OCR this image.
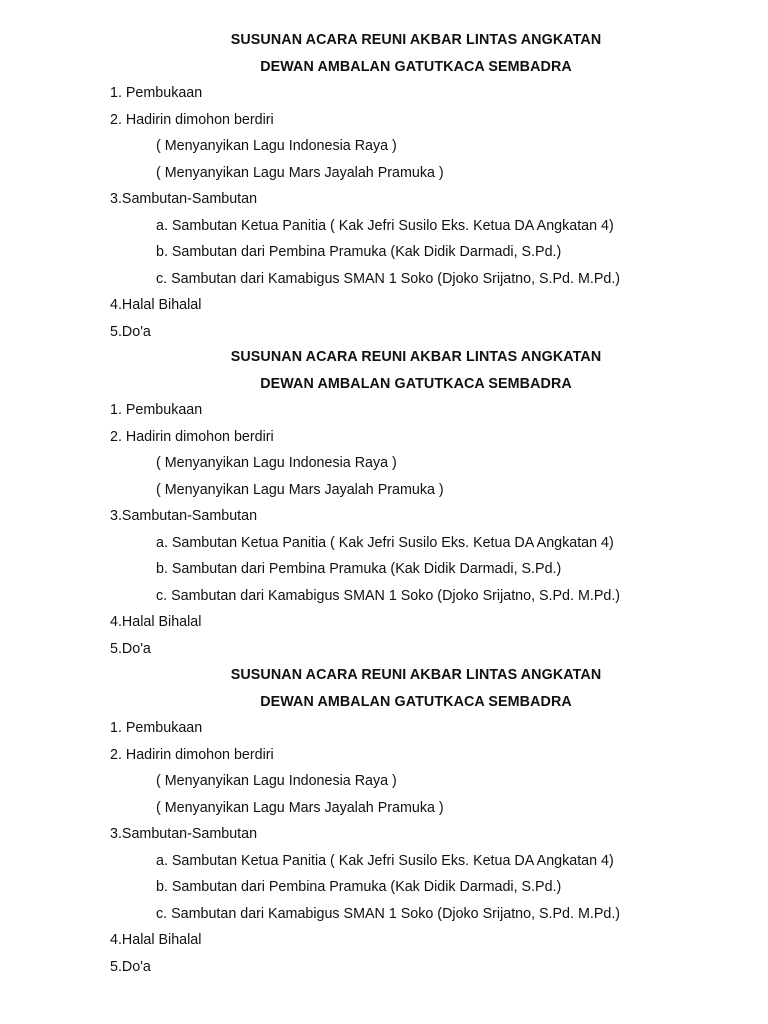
SUSUNAN ACARA REUNI AKBAR LINTAS ANGKATAN
DEWAN AMBALAN GATUTKACA SEMBADRA
1. Pembukaan
2. Hadirin dimohon berdiri
( Menyanyikan Lagu Indonesia Raya )
( Menyanyikan Lagu Mars Jayalah Pramuka )
3.Sambutan-Sambutan
a. Sambutan Ketua Panitia ( Kak Jefri Susilo Eks. Ketua DA Angkatan 4)
b. Sambutan dari Pembina Pramuka (Kak Didik Darmadi, S.Pd.)
c. Sambutan dari Kamabigus SMAN 1 Soko (Djoko Srijatno, S.Pd. M.Pd.)
4.Halal Bihalal
5.Do'a
SUSUNAN ACARA REUNI AKBAR LINTAS ANGKATAN
DEWAN AMBALAN GATUTKACA SEMBADRA
1. Pembukaan
2. Hadirin dimohon berdiri
( Menyanyikan Lagu Indonesia Raya )
( Menyanyikan Lagu Mars Jayalah Pramuka )
3.Sambutan-Sambutan
a. Sambutan Ketua Panitia ( Kak Jefri Susilo Eks. Ketua DA Angkatan 4)
b. Sambutan dari Pembina Pramuka (Kak Didik Darmadi, S.Pd.)
c. Sambutan dari Kamabigus SMAN 1 Soko (Djoko Srijatno, S.Pd. M.Pd.)
4.Halal Bihalal
5.Do'a
SUSUNAN ACARA REUNI AKBAR LINTAS ANGKATAN
DEWAN AMBALAN GATUTKACA SEMBADRA
1. Pembukaan
2. Hadirin dimohon berdiri
( Menyanyikan Lagu Indonesia Raya )
( Menyanyikan Lagu Mars Jayalah Pramuka )
3.Sambutan-Sambutan
a. Sambutan Ketua Panitia ( Kak Jefri Susilo Eks. Ketua DA Angkatan 4)
b. Sambutan dari Pembina Pramuka (Kak Didik Darmadi, S.Pd.)
c. Sambutan dari Kamabigus SMAN 1 Soko (Djoko Srijatno, S.Pd. M.Pd.)
4.Halal Bihalal
5.Do'a
